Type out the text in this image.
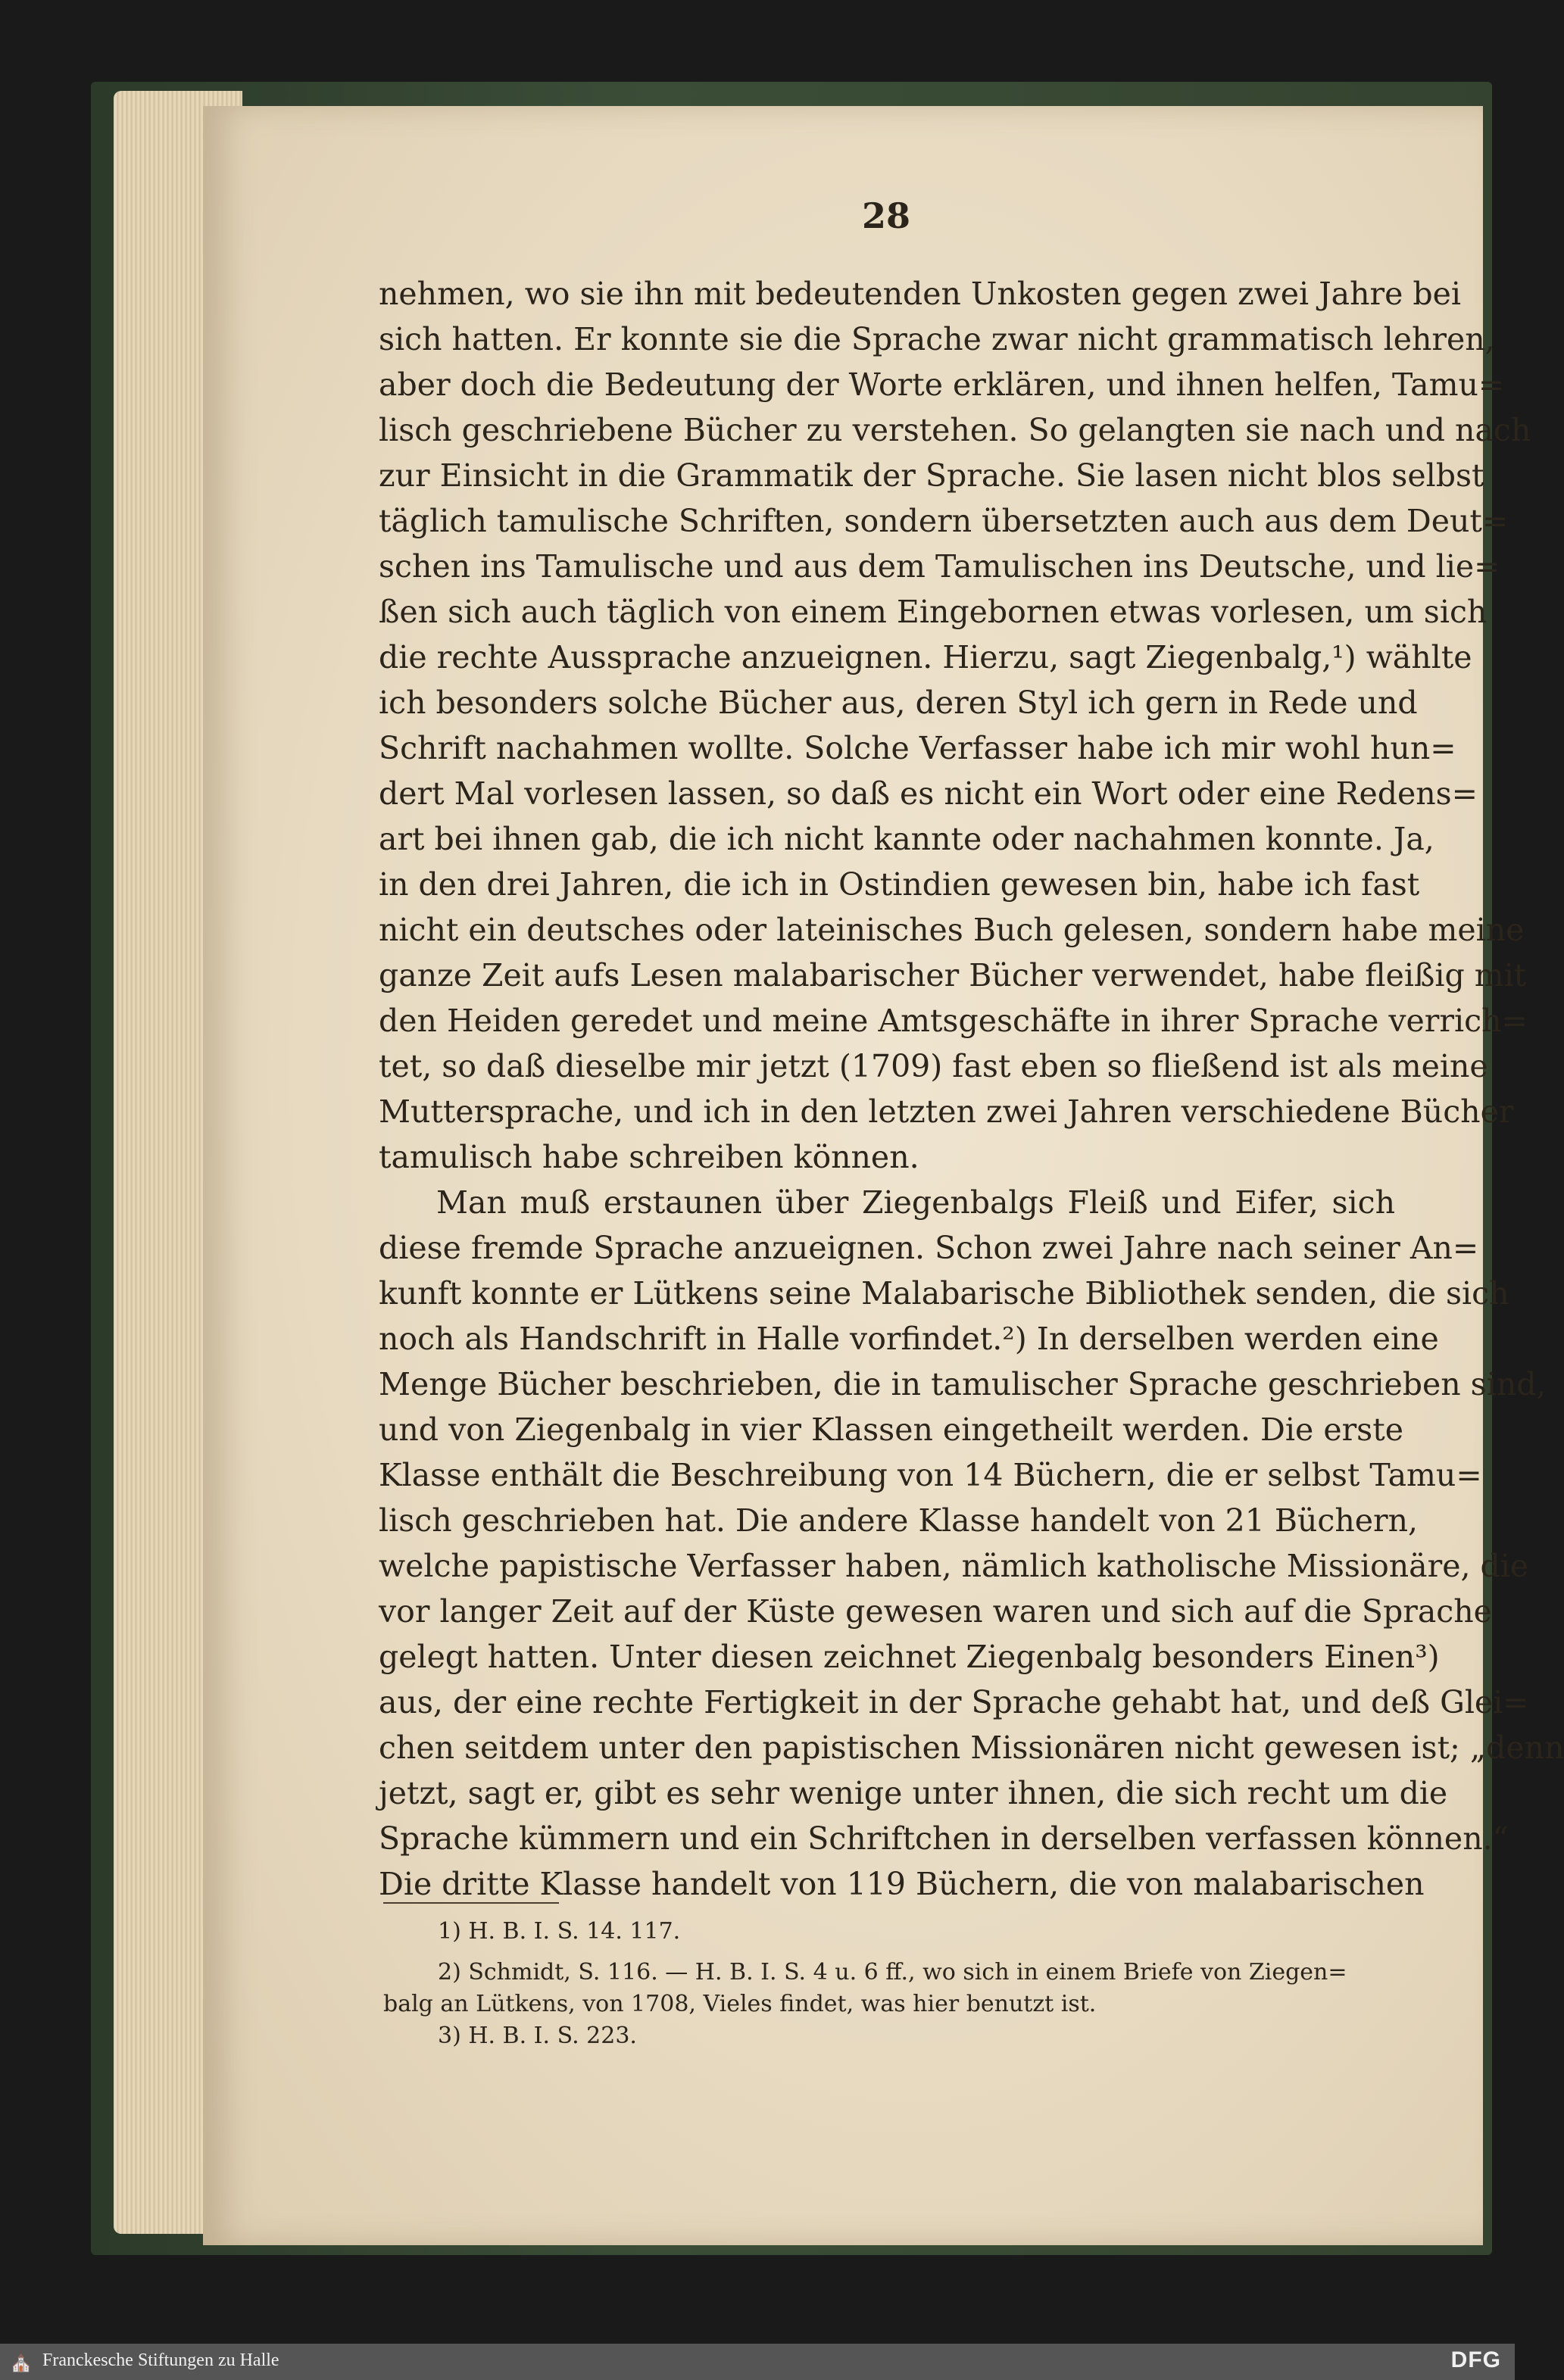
28
nehmen, wo sie ihn mit bedeutenden Unkosten gegen zwei Jahre bei
sich hatten. Er konnte sie die Sprache zwar nicht grammatisch lehren,
aber doch die Bedeutung der Worte erklären, und ihnen helfen, Tamu=
lisch geschriebene Bücher zu verstehen. So gelangten sie nach und nach
zur Einsicht in die Grammatik der Sprache. Sie lasen nicht blos selbst
täglich tamulische Schriften, sondern übersetzten auch aus dem Deut=
schen ins Tamulische und aus dem Tamulischen ins Deutsche, und lie=
ßen sich auch täglich von einem Eingebornen etwas vorlesen, um sich
die rechte Aussprache anzueignen. Hierzu, sagt Ziegenbalg,¹) wählte
ich besonders solche Bücher aus, deren Styl ich gern in Rede und
Schrift nachahmen wollte. Solche Verfasser habe ich mir wohl hun=
dert Mal vorlesen lassen, so daß es nicht ein Wort oder eine Redens=
art bei ihnen gab, die ich nicht kannte oder nachahmen konnte. Ja,
in den drei Jahren, die ich in Ostindien gewesen bin, habe ich fast
nicht ein deutsches oder lateinisches Buch gelesen, sondern habe meine
ganze Zeit aufs Lesen malabarischer Bücher verwendet, habe fleißig mit
den Heiden geredet und meine Amtsgeschäfte in ihrer Sprache verrich=
tet, so daß dieselbe mir jetzt (1709) fast eben so fließend ist als meine
Muttersprache, und ich in den letzten zwei Jahren verschiedene Bücher
tamulisch habe schreiben können.
Man muß erstaunen über Ziegenbalgs Fleiß und Eifer, sich
diese fremde Sprache anzueignen. Schon zwei Jahre nach seiner An=
kunft konnte er Lütkens seine Malabarische Bibliothek senden, die sich
noch als Handschrift in Halle vorfindet.²) In derselben werden eine
Menge Bücher beschrieben, die in tamulischer Sprache geschrieben sind,
und von Ziegenbalg in vier Klassen eingetheilt werden. Die erste
Klasse enthält die Beschreibung von 14 Büchern, die er selbst Tamu=
lisch geschrieben hat. Die andere Klasse handelt von 21 Büchern,
welche papistische Verfasser haben, nämlich katholische Missionäre, die
vor langer Zeit auf der Küste gewesen waren und sich auf die Sprache
gelegt hatten. Unter diesen zeichnet Ziegenbalg besonders Einen³)
aus, der eine rechte Fertigkeit in der Sprache gehabt hat, und deß Glei=
chen seitdem unter den papistischen Missionären nicht gewesen ist; „denn
jetzt, sagt er, gibt es sehr wenige unter ihnen, die sich recht um die
Sprache kümmern und ein Schriftchen in derselben verfassen können.“
Die dritte Klasse handelt von 119 Büchern, die von malabarischen
1) H. B. I. S. 14. 117.
2) Schmidt, S. 116. — H. B. I. S. 4 u. 6 ff., wo sich in einem Briefe von Ziegen=
balg an Lütkens, von 1708, Vieles findet, was hier benutzt ist.
3) H. B. I. S. 223.
⛪ Franckesche Stiftungen zu Halle	DFG
